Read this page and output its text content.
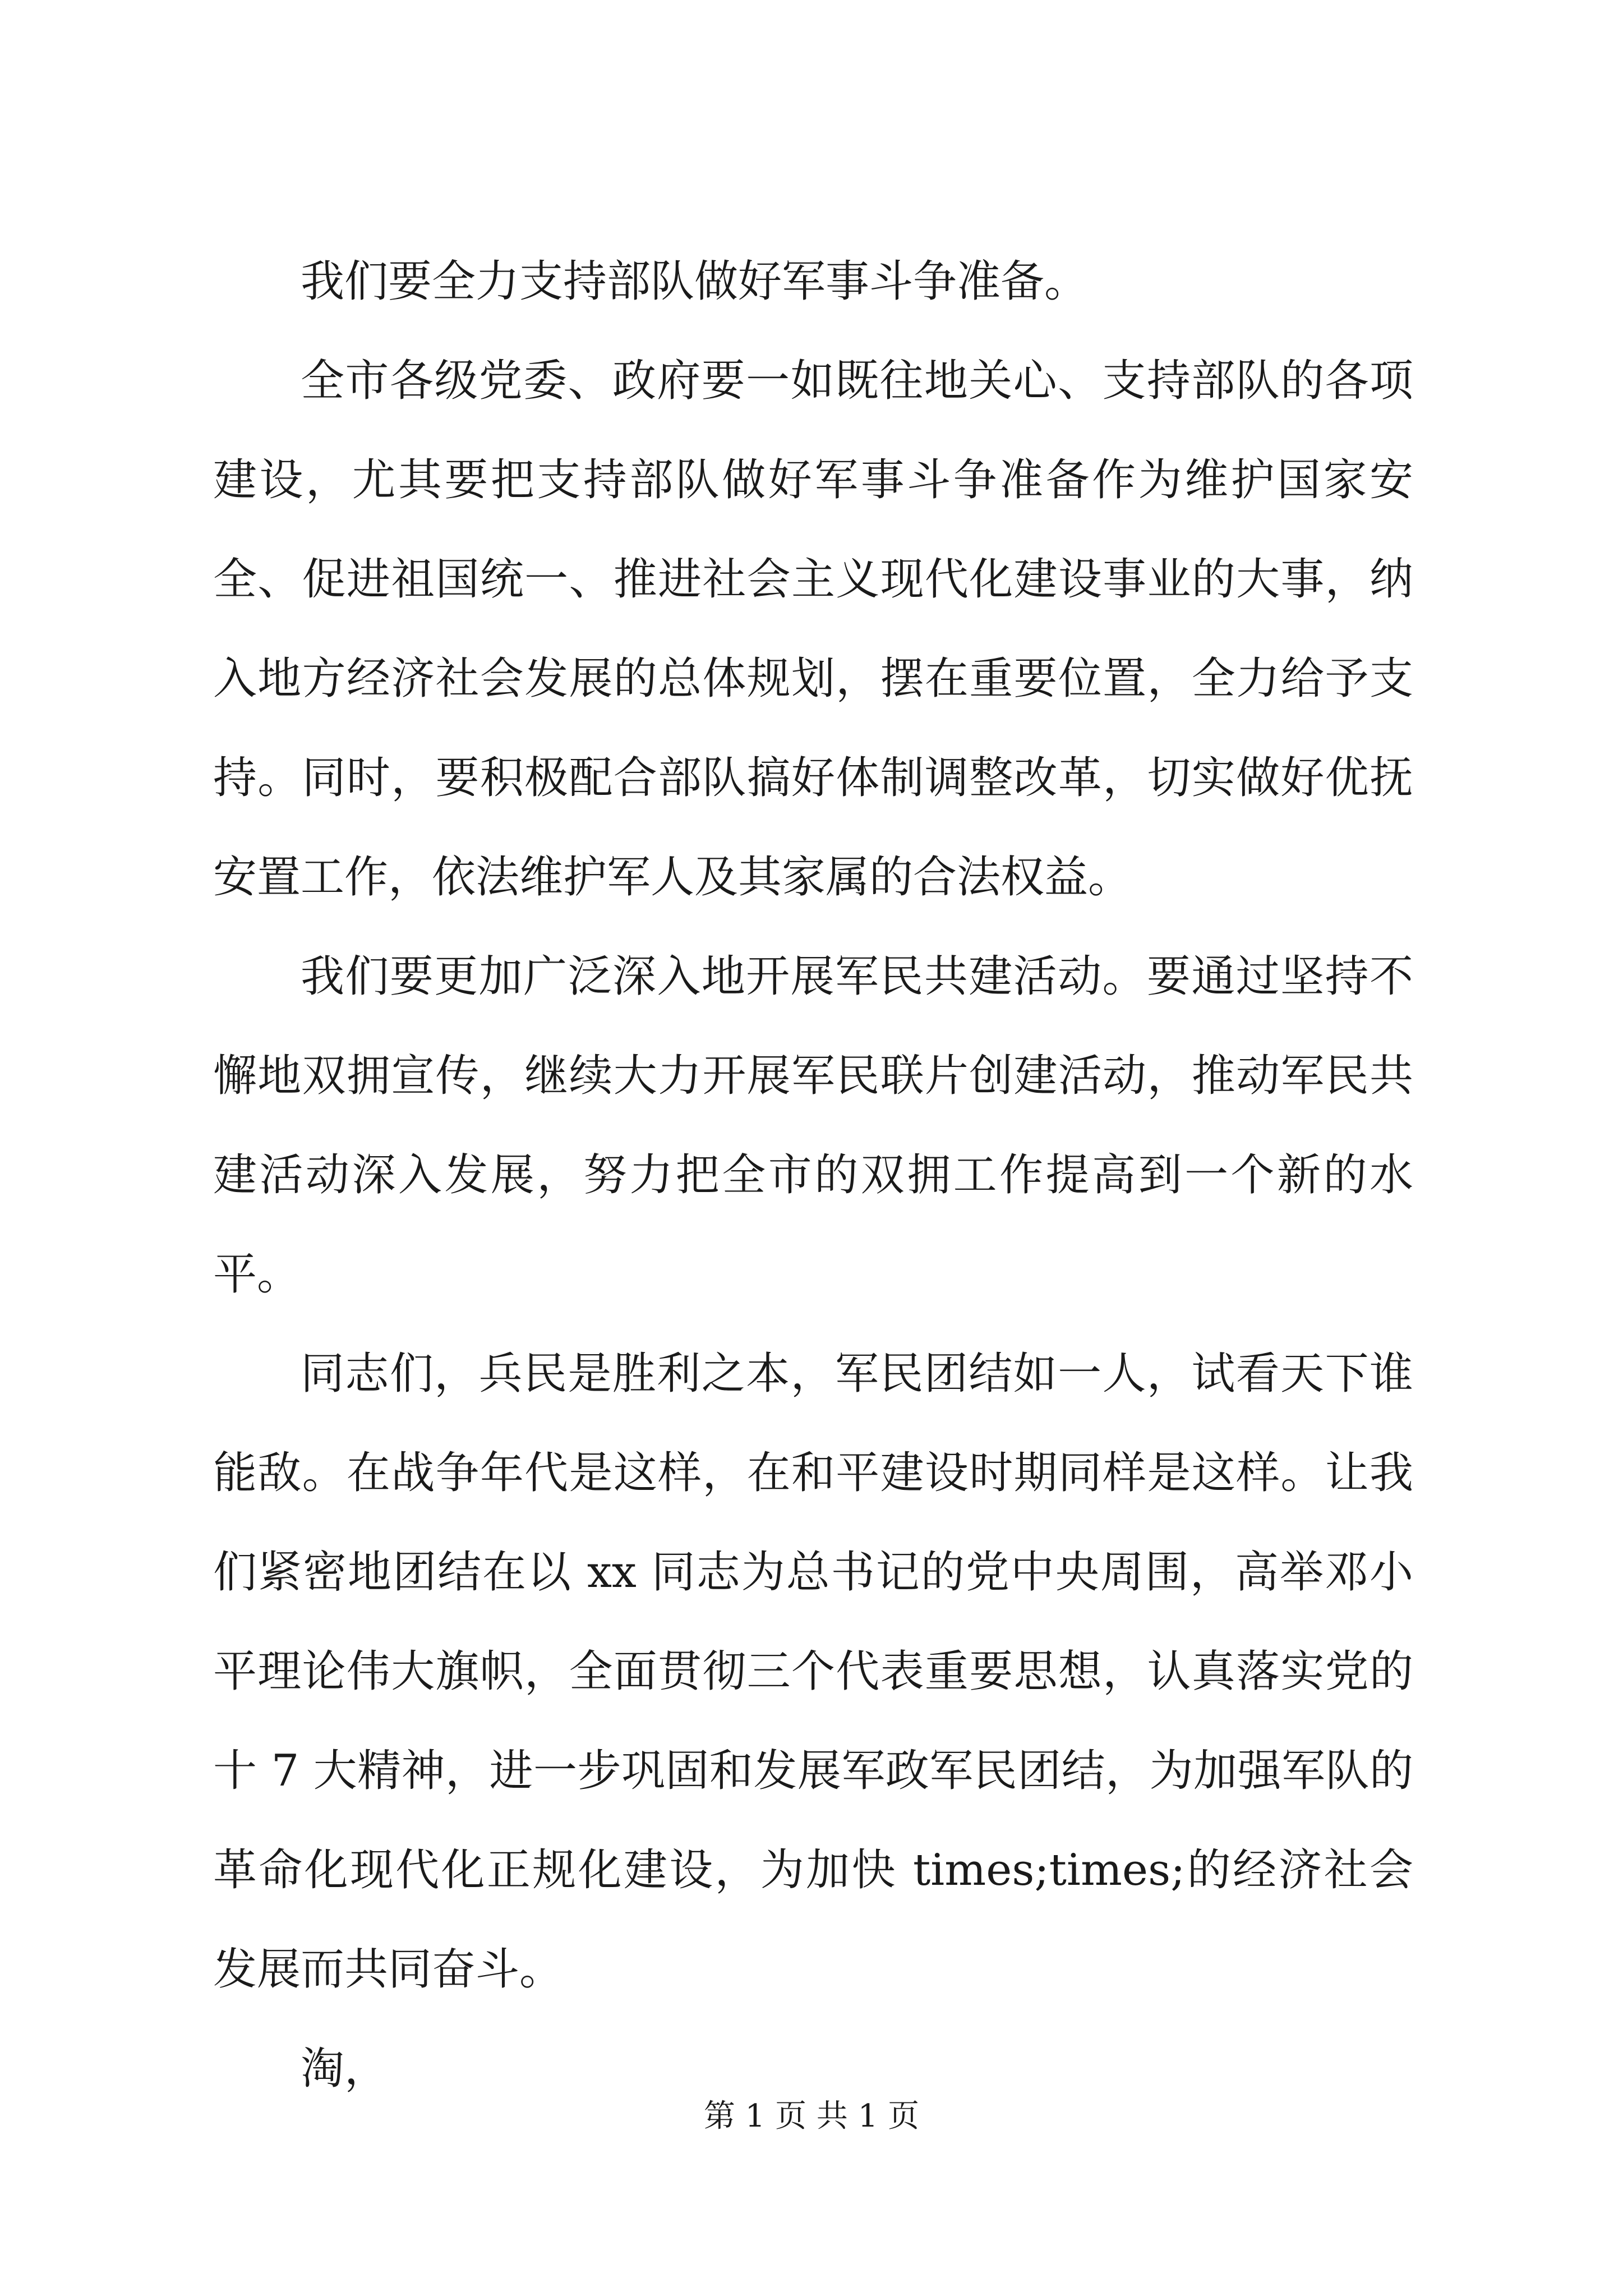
我们要全力支持部队做好军事斗争准备。

全市各级党委、政府要一如既往地关心、支持部队的各项建设，尤其要把支持部队做好军事斗争准备作为维护国家安全、促进祖国统一、推进社会主义现代化建设事业的大事，纳入地方经济社会发展的总体规划，摆在重要位置，全力给予支持。同时，要积极配合部队搞好体制调整改革，切实做好优抚安置工作，依法维护军人及其家属的合法权益。

我们要更加广泛深入地开展军民共建活动。要通过坚持不懈地双拥宣传，继续大力开展军民联片创建活动，推动军民共建活动深入发展，努力把全市的双拥工作提高到一个新的水平。

同志们，兵民是胜利之本，军民团结如一人，试看天下谁能敌。在战争年代是这样，在和平建设时期同样是这样。让我们紧密地团结在以 xx 同志为总书记的党中央周围，高举邓小平理论伟大旗帜，全面贯彻三个代表重要思想，认真落实党的十 7 大精神，进一步巩固和发展军政军民团结，为加强军队的革命化现代化正规化建设，为加快 times;times;的经济社会发展而共同奋斗。

淘，

第 1 页 共 1 页
